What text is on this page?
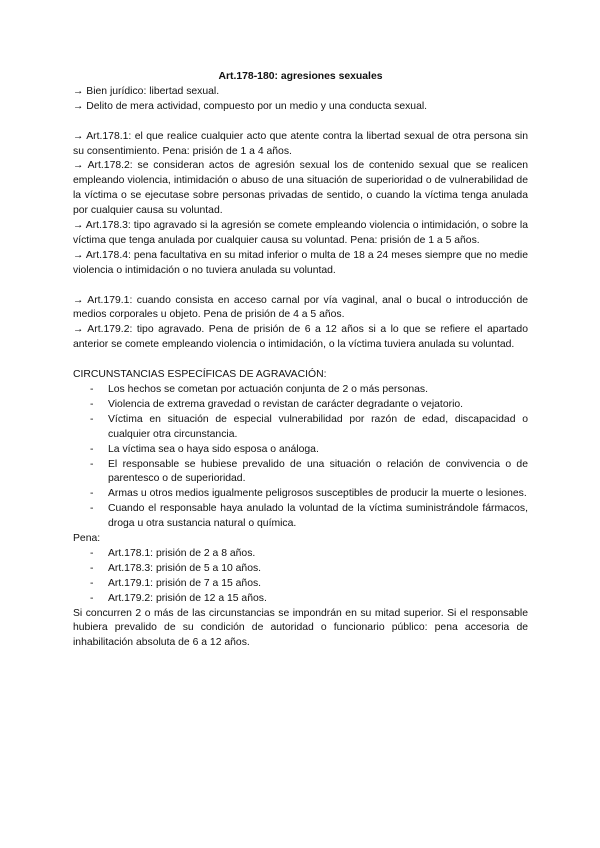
Art.178-180: agresiones sexuales

→ Bien jurídico: libertad sexual.

→ Delito de mera actividad, compuesto por un medio y una conducta sexual.

→ Art.178.1: el que realice cualquier acto que atente contra la libertad sexual de otra persona sin su consentimiento. Pena: prisión de 1 a 4 años.

→ Art.178.2: se consideran actos de agresión sexual los de contenido sexual que se realicen empleando violencia, intimidación o abuso de una situación de superioridad o de vulnerabilidad de la víctima o se ejecutase sobre personas privadas de sentido, o cuando la víctima tenga anulada por cualquier causa su voluntad.

→ Art.178.3: tipo agravado si la agresión se comete empleando violencia o intimidación, o sobre la víctima que tenga anulada por cualquier causa su voluntad. Pena: prisión de 1 a 5 años.

→ Art.178.4: pena facultativa en su mitad inferior o multa de 18 a 24 meses siempre que no medie violencia o intimidación o no tuviera anulada su voluntad.

→ Art.179.1: cuando consista en acceso carnal por vía vaginal, anal o bucal o introducción de medios corporales u objeto. Pena de prisión de 4 a 5 años.

→ Art.179.2: tipo agravado. Pena de prisión de 6 a 12 años si a lo que se refiere el apartado anterior se comete empleando violencia o intimidación, o la víctima tuviera anulada su voluntad.

CIRCUNSTANCIAS ESPECÍFICAS DE AGRAVACIÓN:

- Los hechos se cometan por actuación conjunta de 2 o más personas.
- Violencia de extrema gravedad o revistan de carácter degradante o vejatorio.
- Víctima en situación de especial vulnerabilidad por razón de edad, discapacidad o cualquier otra circunstancia.
- La víctima sea o haya sido esposa o análoga.
- El responsable se hubiese prevalido de una situación o relación de convivencia o de parentesco o de superioridad.
- Armas u otros medios igualmente peligrosos susceptibles de producir la muerte o lesiones.
- Cuando el responsable haya anulado la voluntad de la víctima suministrándole fármacos, droga u otra sustancia natural o química.

Pena:

- Art.178.1: prisión de 2 a 8 años.
- Art.178.3: prisión de 5 a 10 años.
- Art.179.1: prisión de 7 a 15 años.
- Art.179.2: prisión de 12 a 15 años.

Si concurren 2 o más de las circunstancias se impondrán en su mitad superior. Si el responsable hubiera prevalido de su condición de autoridad o funcionario público: pena accesoria de inhabilitación absoluta de 6 a 12 años.
